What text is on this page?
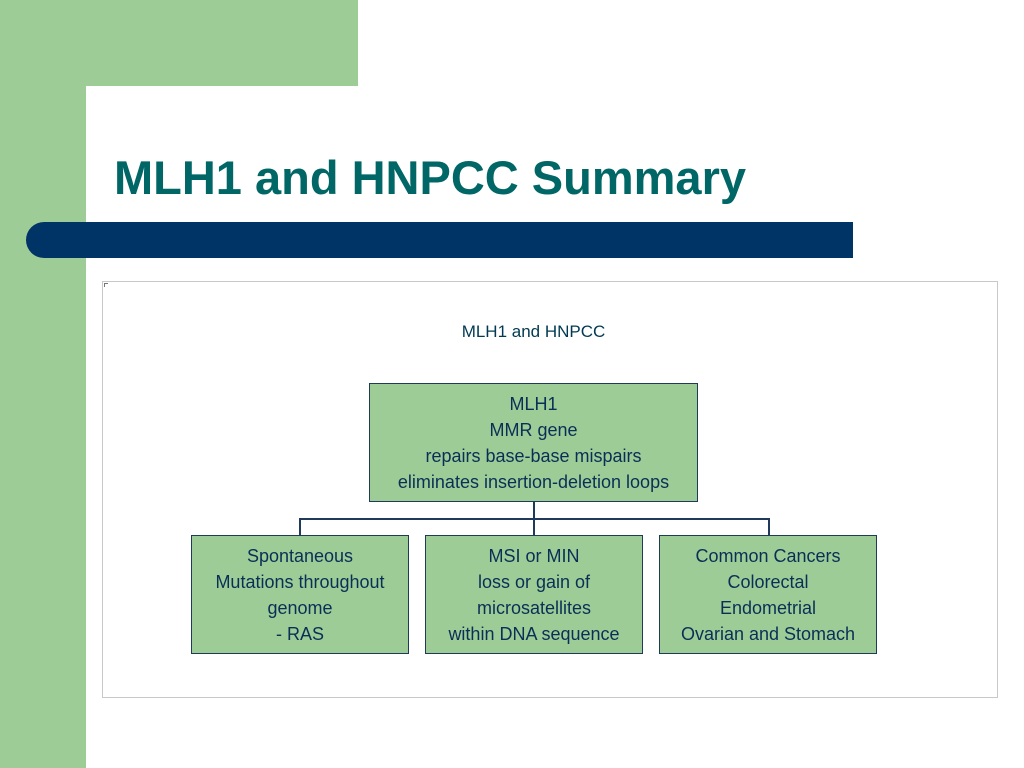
MLH1 and HNPCC Summary
MLH1 and HNPCC
MLH1
MMR gene
repairs base-base mispairs
eliminates insertion-deletion loops
Spontaneous
Mutations throughout
genome
- RAS
MSI or MIN
loss or gain of
microsatellites
within DNA sequence
Common Cancers
Colorectal
Endometrial
Ovarian and Stomach
